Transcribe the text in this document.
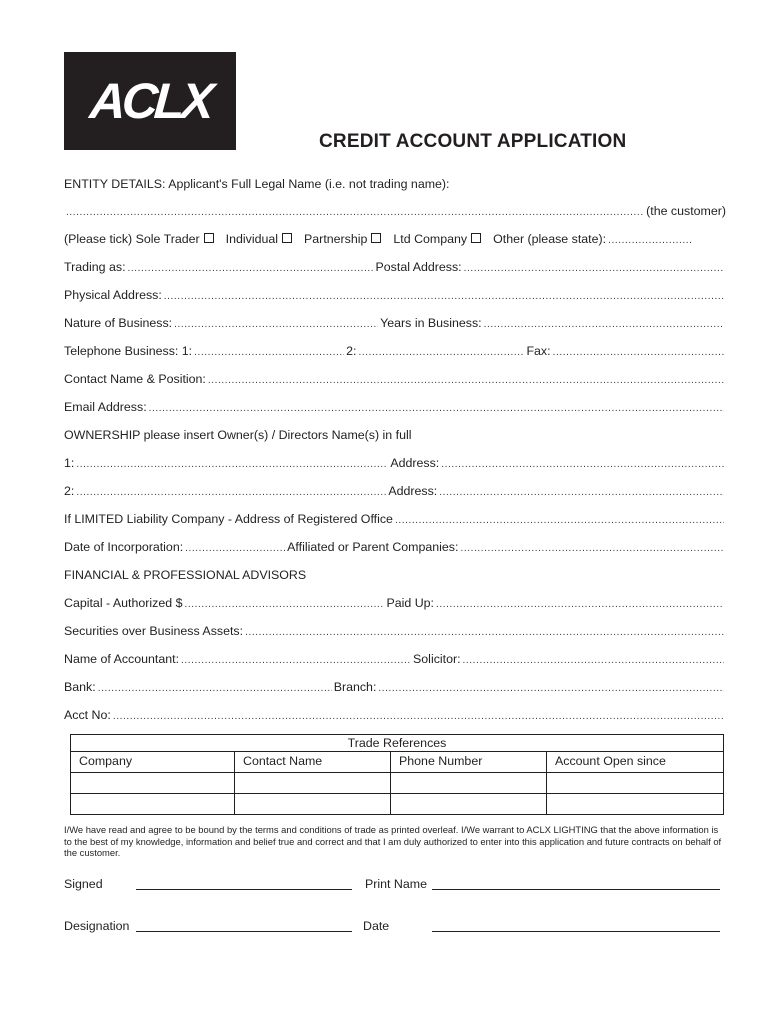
ACLX
CREDIT ACCOUNT APPLICATION
ENTITY DETAILS: Applicant's Full Legal Name (i.e. not trading name):
.....
(the customer)
(Please tick) Sole Trader Individual Partnership Ltd Company Other (please state):
.....
Trading as: .....	Postal Address:
.....
Physical Address:
.....
Nature of Business: .....	Years in Business:
.....
Telephone Business: 1: .....	2: .....	Fax:
.....
Contact Name & Position:
.....
Email Address:
.....
OWNERSHIP please insert Owner(s) / Directors Name(s) in full
1: .....	Address:
.....
2: .....	Address:
.....
If LIMITED Liability Company - Address of Registered Office
.....
Date of Incorporation: .....	Affiliated or Parent Companies:
.....
FINANCIAL & PROFESSIONAL ADVISORS
Capital - Authorized $ .....	Paid Up:
.....
Securities over Business Assets:
.....
Name of Accountant: .....	Solicitor:
.....
Bank: .....	Branch:
.....
Acct No:
.....
Trade References			
Company	Contact Name	Phone Number	Account Open since

I/We have read and agree to be bound by the terms and conditions of trade as printed overleaf. I/We warrant to ACLX LIGHTING that the above information is to the best of my knowledge, information and belief true and correct and that I am duly authorized to enter into this application and future contracts on behalf of the customer.
Signed	Print Name
Designation	Date
